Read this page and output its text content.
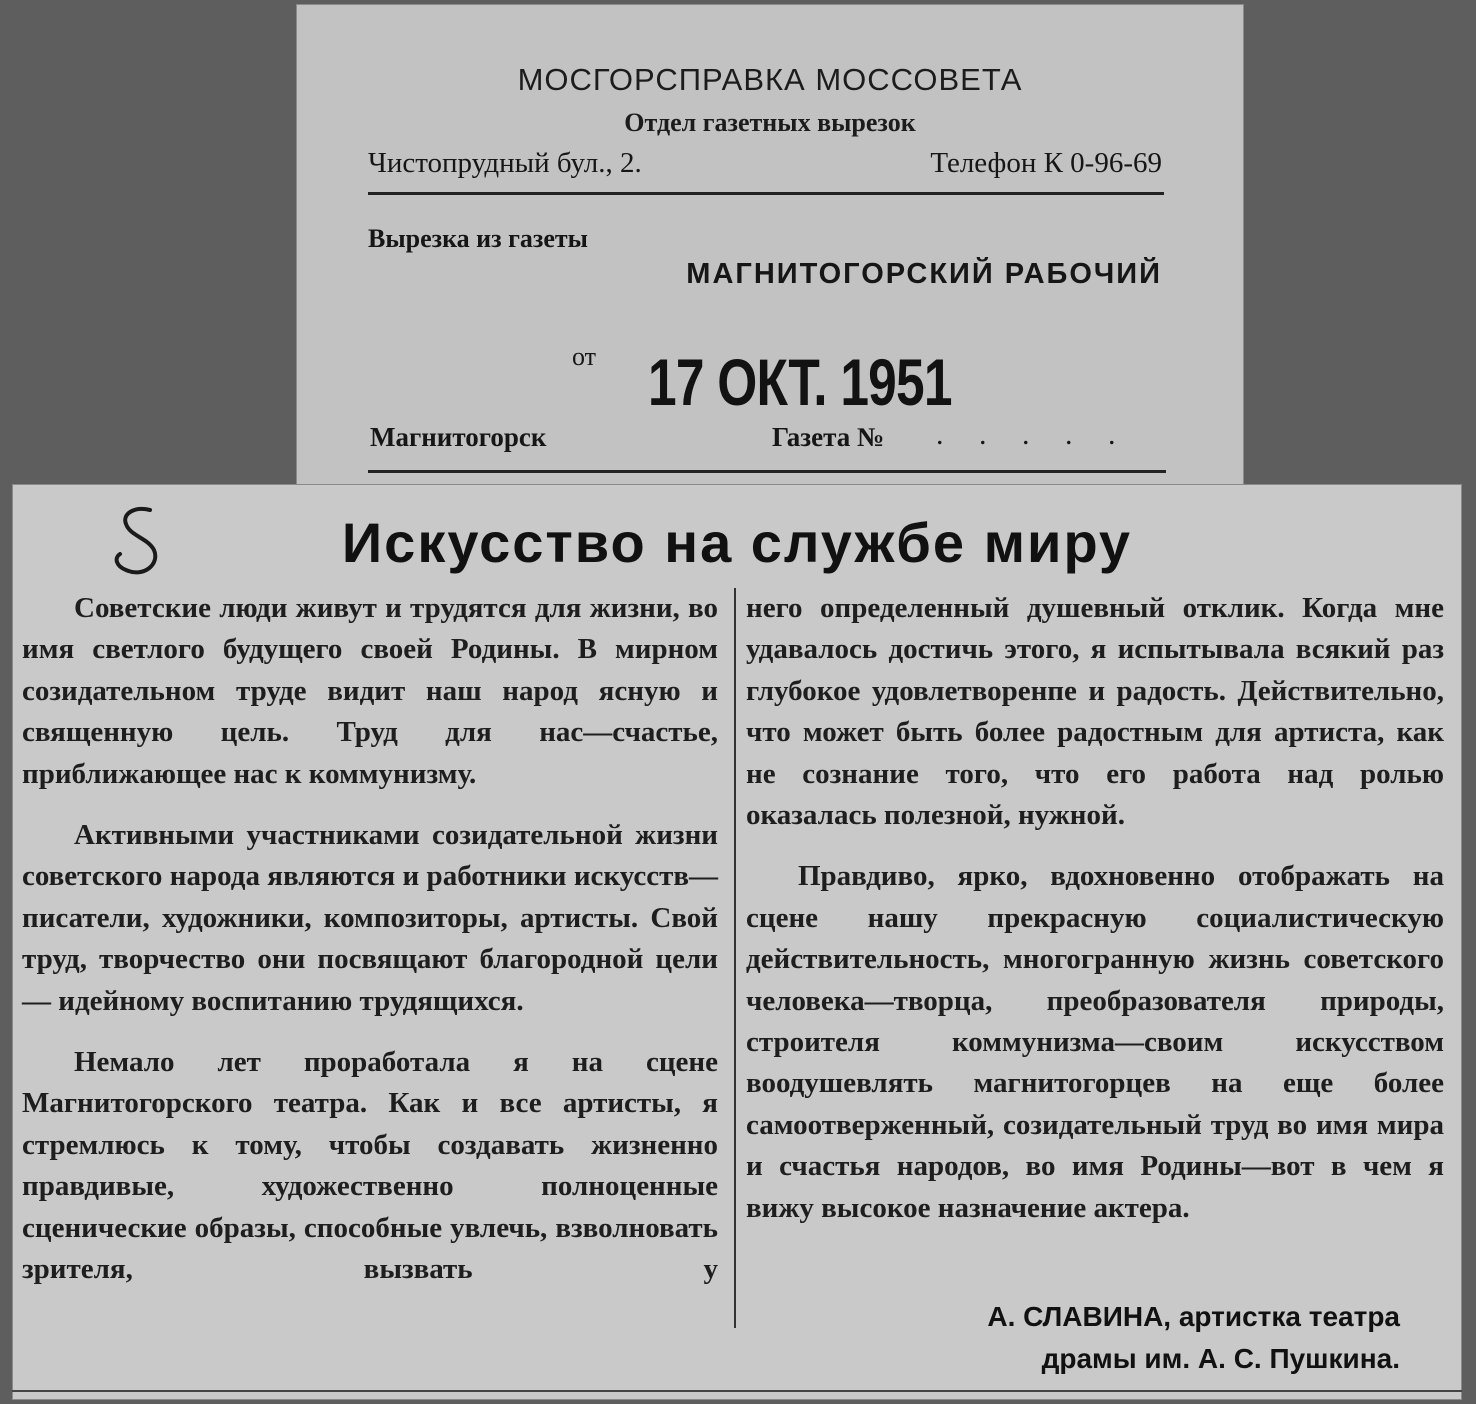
МОСГОРСПРАВКА МОССОВЕТА
Отдел газетных вырезок
Чистопрудный бул., 2.	Телефон К 0-96-69
Вырезка из газеты
МАГНИТОГОРСКИЙ РАБОЧИЙ
от 17 ОКТ. 1951
Магнитогорск	Газета № . . . . .
Искусство на службе миру

Советские люди живут и трудятся для жизни, во имя светлого будущего своей Родины. В мирном созидательном труде видит наш народ ясную и священную цель. Труд для нас—счастье, приближающее нас к коммунизму.

Активными участниками созидательной жизни советского народа являются и работники искусств—писатели, художники, композиторы, артисты. Свой труд, творчество они посвящают благородной цели — идейному воспитанию трудящихся.

Немало лет проработала я на сцене Магнитогорского театра. Как и все артисты, я стремлюсь к тому, чтобы создавать жизненно правдивые, художественно полноценные сценические образы, способные увлечь, взволновать зрителя, вызвать у

него определенный душевный отклик. Когда мне удавалось достичь этого, я испытывала всякий раз глубокое удовлетворенпе и радость. Действительно, что может быть более радостным для артиста, как не сознание того, что его работа над ролью оказалась полезной, нужной.

Правдиво, ярко, вдохновенно отображать на сцене нашу прекрасную социалистическую действительность, многогранную жизнь советского человека—творца, преобразователя природы, строителя коммунизма—своим искусством воодушевлять магнитогорцев на еще более самоотверженный, созидательный труд во имя мира и счастья народов, во имя Родины—вот в чем я вижу высокое назначение актера.

А. СЛАВИНА, артистка театра
драмы им. А. С. Пушкина.
